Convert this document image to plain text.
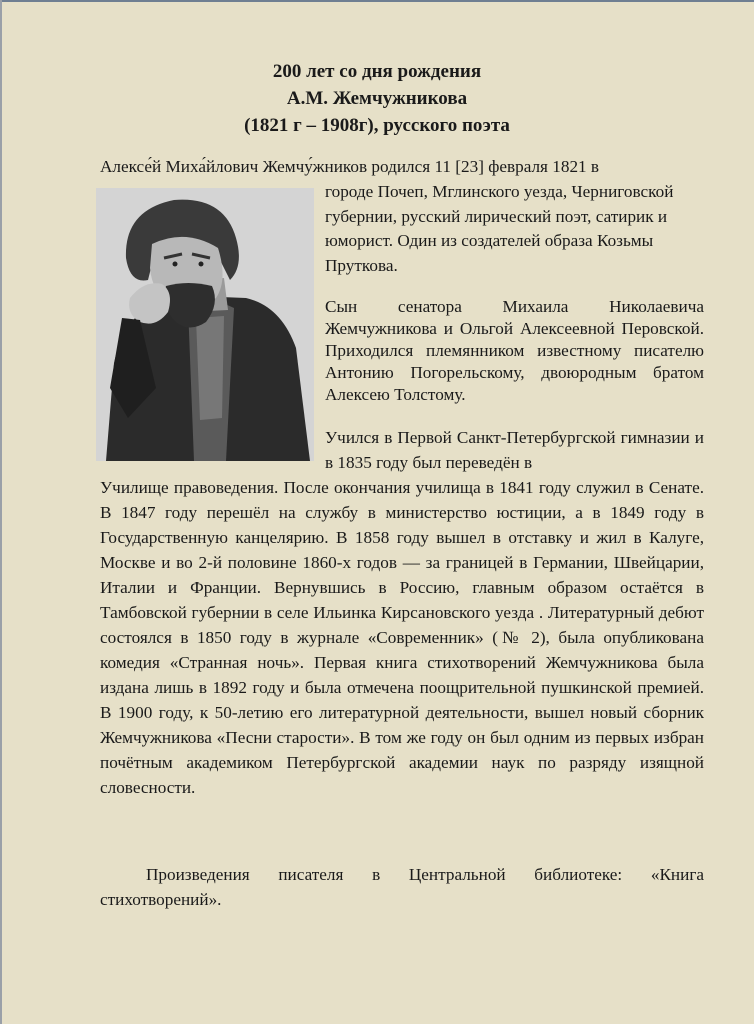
200 лет со дня рождения
А.М. Жемчужникова
(1821 г – 1908г), русского поэта

Алексе́й Миха́йлович Жемчу́жников родился 11 [23] февраля 1821 в

городе Почеп, Мглинского уезда, Черниговской губернии, русский лирический поэт, сатирик и юморист. Один из создателей образа Козьмы Пруткова.

Сын сенатора Михаила Николаевича Жемчужникова и Ольгой Алексеевной Перовской. Приходился племянником известному писателю Антонию Погорельскому, двоюродным братом Алексею Толстому.

Учился в Первой Санкт-Петербургской гимназии и в 1835 году был переведён в

Училище правоведения. После окончания училища в 1841 году служил в Сенате. В 1847 году перешёл на службу в министерство юстиции, а в 1849 году в Государственную канцелярию. В 1858 году вышел в отставку и жил в Калуге, Москве и во 2-й половине 1860-х годов — за границей в Германии, Швейцарии, Италии и Франции. Вернувшись в Россию, главным образом остаётся в Тамбовской губернии в селе Ильинка Кирсановского уезда . Литературный дебют состоялся в 1850 году в журнале «Современник» (№ 2), была опубликована комедия «Странная ночь». Первая книга стихотворений Жемчужникова была издана лишь в 1892 году и была отмечена поощрительной пушкинской премией. В 1900 году, к 50-летию его литературной деятельности, вышел новый сборник Жемчужникова «Песни старости». В том же году он был одним из первых избран почётным академиком Петербургской академии наук по разряду изящной словесности.

Произведения писателя в Центральной библиотеке: «Книга стихотворений».
